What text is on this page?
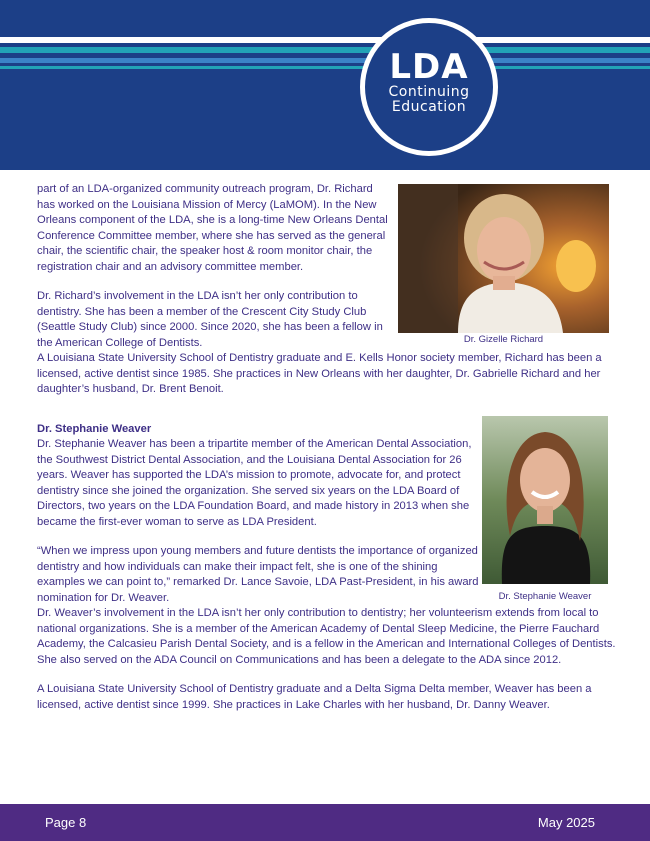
LDA
Continuing
Education

part of an LDA-organized community outreach program, Dr. Richard has worked on the Louisiana Mission of Mercy (LaMOM). In the New Orleans component of the LDA, she is a long-time New Orleans Dental Conference Committee member, where she has served as the general chair, the scientific chair, the speaker host & room monitor chair, the registration chair and an advisory committee member.

Dr. Richard’s involvement in the LDA isn’t her only contribution to dentistry. She has been a member of the Crescent City Study Club (Seattle Study Club) since 2000. Since 2020, she has been a fellow in the American College of Dentists.	Dr. Gizelle Richard

A Louisiana State University School of Dentistry graduate and E. Kells Honor society member, Richard has been a licensed, active dentist since 1985. She practices in New Orleans with her daughter, Dr. Gabrielle Richard and her daughter’s husband, Dr. Brent Benoit.

Dr. Stephanie Weaver

Dr. Stephanie Weaver has been a tripartite member of the American Dental Association, the Southwest District Dental Association, and the Louisiana Dental Association for 26 years. Weaver has supported the LDA’s mission to promote, advocate for, and protect dentistry since she joined the organization. She served six years on the LDA Board of Directors, two years on the LDA Foundation Board, and made history in 2013 when she became the first-ever woman to serve as LDA President.

“When we impress upon young members and future dentists the importance of organized dentistry and how individuals can make their impact felt, she is one of the shining examples we can point to,” remarked Dr. Lance Savoie, LDA Past-President, in his award nomination for Dr. Weaver.	Dr. Stephanie Weaver

Dr. Weaver’s involvement in the LDA isn’t her only contribution to dentistry; her volunteerism extends from local to national organizations. She is a member of the American Academy of Dental Sleep Medicine, the Pierre Fauchard Academy, the Calcasieu Parish Dental Society, and is a fellow in the American and International Colleges of Dentists. She also served on the ADA Council on Communications and has been a delegate to the ADA since 2012.

A Louisiana State University School of Dentistry graduate and a Delta Sigma Delta member, Weaver has been a licensed, active dentist since 1999. She practices in Lake Charles with her husband, Dr. Danny Weaver.

Page 8	May 2025
